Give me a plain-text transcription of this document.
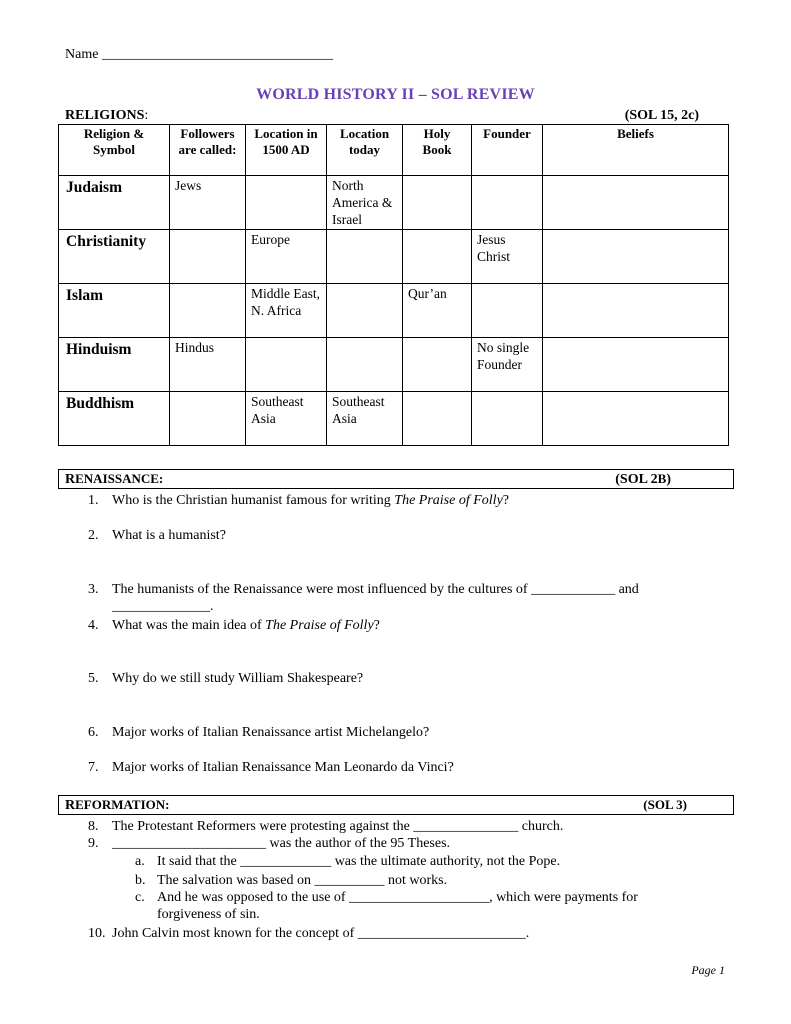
Name _________________________________
WORLD HISTORY II – SOL REVIEW
RELIGIONS:	(SOL 15, 2c)
Religion & Symbol	Followers are called:	Location in 1500 AD	Location today	Holy Book	Founder	Beliefs
Judaism	Jews		North America & Israel			
Christianity		Europe			Jesus Christ	
Islam		Middle East, N. Africa		Qur’an		
Hinduism	Hindus				No single Founder	
Buddhism		Southeast Asia	Southeast Asia			
RENAISSANCE:	(SOL 2B)
1. Who is the Christian humanist famous for writing The Praise of Folly?
2. What is a humanist?
3. The humanists of the Renaissance were most influenced by the cultures of ____________ and
______________.
4. What was the main idea of The Praise of Folly?
5. Why do we still study William Shakespeare?
6. Major works of Italian Renaissance artist Michelangelo?
7. Major works of Italian Renaissance Man Leonardo da Vinci?
REFORMATION:	(SOL 3)
8. The Protestant Reformers were protesting against the _______________ church.
9. ______________________ was the author of the 95 Theses.
a. It said that the _____________ was the ultimate authority, not the Pope.
b. The salvation was based on __________ not works.
c. And he was opposed to the use of ____________________, which were payments for
forgiveness of sin.
10. John Calvin most known for the concept of ________________________.
Page 1
